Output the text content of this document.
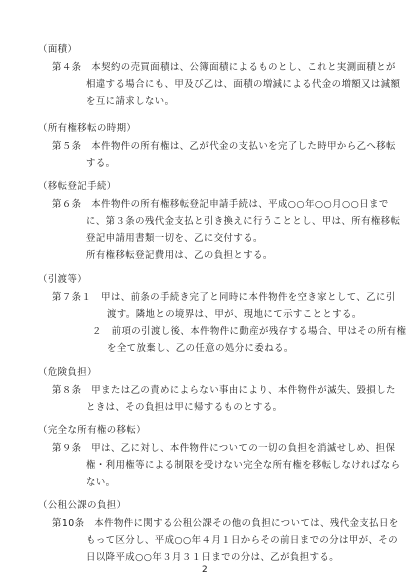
（面積）
第４条　本契約の売買面積は、公簿面積によるものとし、これと実測面積とが
相違する場合にも、甲及び乙は、面積の増減による代金の増額又は減額
を互に請求しない。
（所有権移転の時期）
第５条　本件物件の所有権は、乙が代金の支払いを完了した時甲から乙へ移転
する。
（移転登記手続）
第６条　本件物件の所有権移転登記申請手続は、平成○○年○○月○○日まで
に、第３条の残代金支払と引き換えに行うこととし、甲は、所有権移転
登記申請用書類一切を、乙に交付する。
所有権移転登記費用は、乙の負担とする。
（引渡等）
第７条１　甲は、前条の手続き完了と同時に本件物件を空き家として、乙に引
渡す。隣地との境界は、甲が、現地にて示すこととする。
２　前項の引渡し後、本件物件に動産が残存する場合、甲はその所有権
を全て放棄し、乙の任意の処分に委ねる。
（危険負担）
第８条　甲または乙の責めによらない事由により、本件物件が滅失、毀損した
ときは、その負担は甲に帰するものとする。
（完全な所有権の移転）
第９条　甲は、乙に対し、本件物件についての一切の負担を消滅せしめ、担保
権・利用権等による制限を受けない完全な所有権を移転しなければなら
ない。
（公租公課の負担）
第10条　本件物件に関する公租公課その他の負担については、残代金支払日を
もって区分し、平成○○年４月１日からその前日までの分は甲が、その
日以降平成○○年３月３１日までの分は、乙が負担する。
2
